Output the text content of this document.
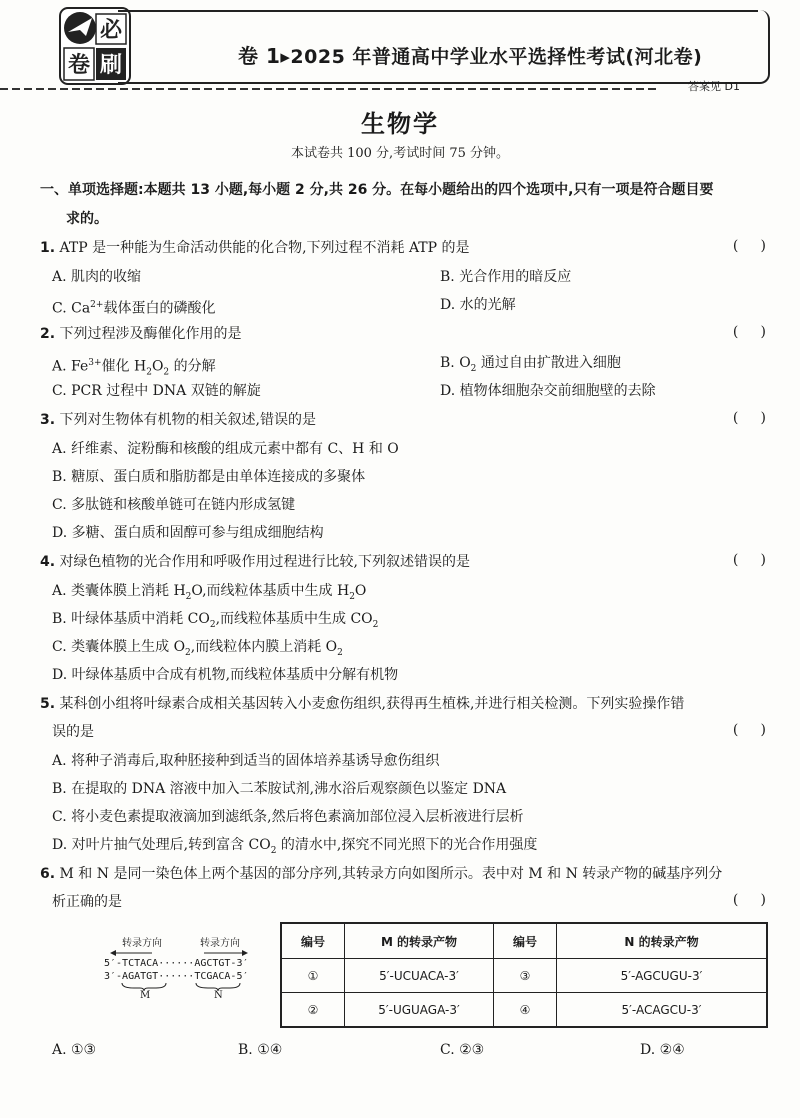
必
卷 刷	卷 1▸2025 年普通高中学业水平选择性考试(河北卷)
答案见 D1
生物学
本试卷共 100 分,考试时间 75 分钟。
一、单项选择题:本题共 13 小题,每小题 2 分,共 26 分。在每小题给出的四个选项中,只有一项是符合题目要
求的。
1. ATP 是一种能为生命活动供能的化合物,下列过程不消耗 ATP 的是	(     )
A. 肌肉的收缩	B. 光合作用的暗反应
C. $Ca^{2+}$载体蛋白的磷酸化	D. 水的光解
2. 下列过程涉及酶催化作用的是	(     )
A. $Fe^{3+}$催化 $H_2O_2$ 的分解	B. $O_2$ 通过自由扩散进入细胞
C. PCR 过程中 DNA 双链的解旋	D. 植物体细胞杂交前细胞壁的去除
3. 下列对生物体有机物的相关叙述,错误的是	(     )
A. 纤维素、淀粉酶和核酸的组成元素中都有 C、H 和 O
B. 糖原、蛋白质和脂肪都是由单体连接成的多聚体
C. 多肽链和核酸单链可在链内形成氢键
D. 多糖、蛋白质和固醇可参与组成细胞结构
4. 对绿色植物的光合作用和呼吸作用过程进行比较,下列叙述错误的是	(     )
A. 类囊体膜上消耗 $H_2O$,而线粒体基质中生成 $H_2O$
B. 叶绿体基质中消耗 $CO_2$,而线粒体基质中生成 $CO_2$
C. 类囊体膜上生成 $O_2$,而线粒体内膜上消耗 $O_2$
D. 叶绿体基质中合成有机物,而线粒体基质中分解有机物
5. 某科创小组将叶绿素合成相关基因转入小麦愈伤组织,获得再生植株,并进行相关检测。下列实验操作错
误的是	(     )
A. 将种子消毒后,取种胚接种到适当的固体培养基诱导愈伤组织
B. 在提取的 DNA 溶液中加入二苯胺试剂,沸水浴后观察颜色以鉴定 DNA
C. 将小麦色素提取液滴加到滤纸条,然后将色素滴加部位浸入层析液进行层析
D. 对叶片抽气处理后,转到富含 $CO_2$ 的清水中,探究不同光照下的光合作用强度
6. M 和 N 是同一染色体上两个基因的部分序列,其转录方向如图所示。表中对 M 和 N 转录产物的碱基序列分
析正确的是	(     )
转录方向	转录方向
5′-TCTACA······AGCTGT-3′
3′-AGATGT······TCGACA-5′
M	N
编号	M 的转录产物	编号	N 的转录产物
①	5′-UCUACA-3′	③	5′-AGCUGU-3′
②	5′-UGUAGA-3′	④	5′-ACAGCU-3′
A. ①③	B. ①④	C. ②③	D. ②④
